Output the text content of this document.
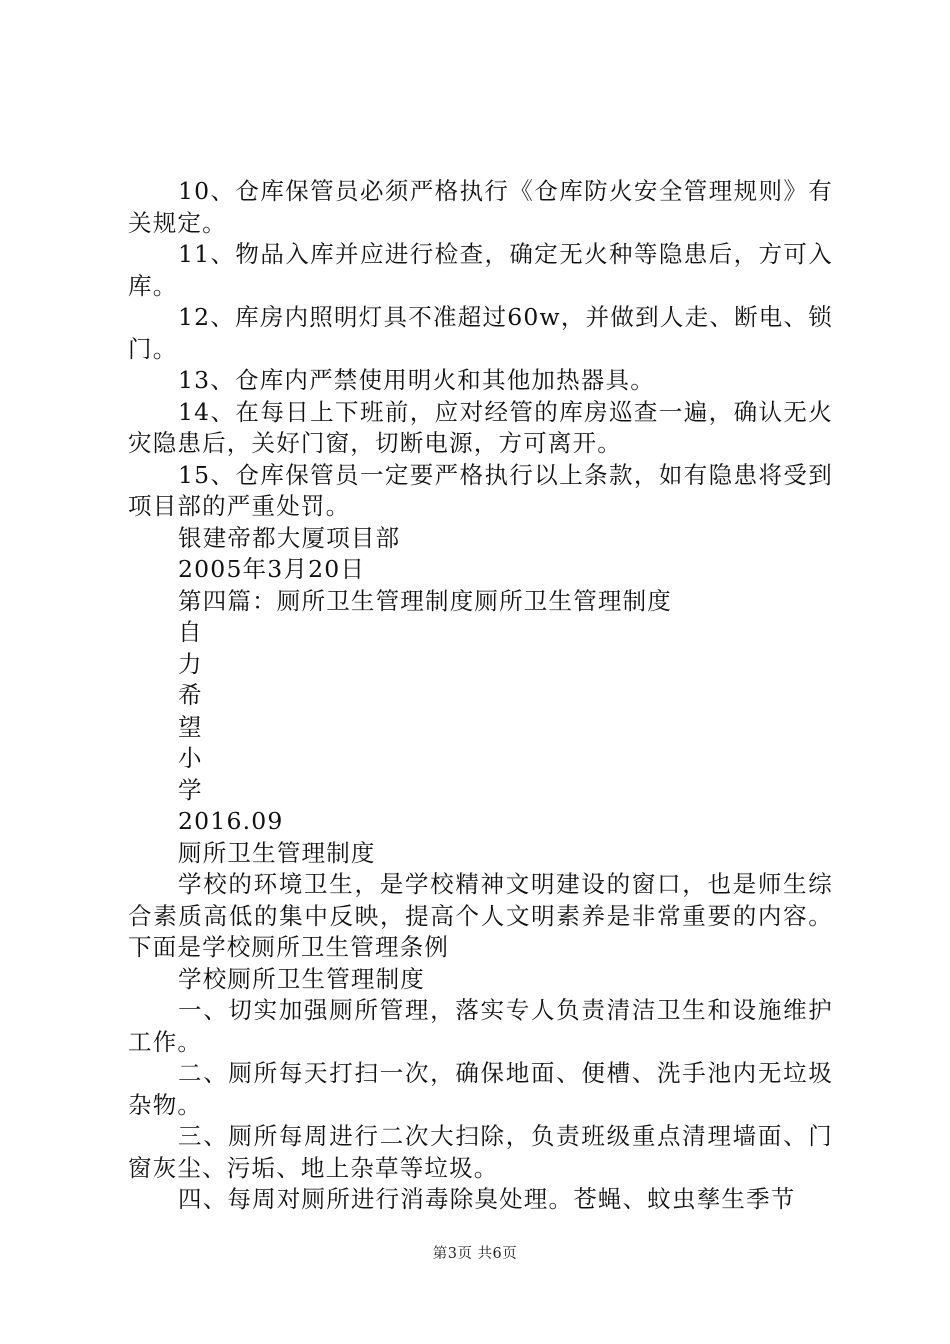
10、仓库保管员必须严格执行《仓库防火安全管理规则》有关规定。

11、物品入库并应进行检查，确定无火种等隐患后，方可入库。

12、库房内照明灯具不准超过60w，并做到人走、断电、锁门。

13、仓库内严禁使用明火和其他加热器具。

14、在每日上下班前，应对经管的库房巡查一遍，确认无火灾隐患后，关好门窗，切断电源，方可离开。

15、仓库保管员一定要严格执行以上条款，如有隐患将受到项目部的严重处罚。

银建帝都大厦项目部

2005年3月20日

第四篇：厕所卫生管理制度厕所卫生管理制度

自

力

希

望

小

学

2016.09

厕所卫生管理制度

学校的环境卫生，是学校精神文明建设的窗口，也是师生综合素质高低的集中反映，提高个人文明素养是非常重要的内容。下面是学校厕所卫生管理条例

学校厕所卫生管理制度

一、切实加强厕所管理，落实专人负责清洁卫生和设施维护工作。

二、厕所每天打扫一次，确保地面、便槽、洗手池内无垃圾杂物。

三、厕所每周进行二次大扫除，负责班级重点清理墙面、门窗灰尘、污垢、地上杂草等垃圾。

四、每周对厕所进行消毒除臭处理。苍蝇、蚊虫孳生季节

第3页 共6页
